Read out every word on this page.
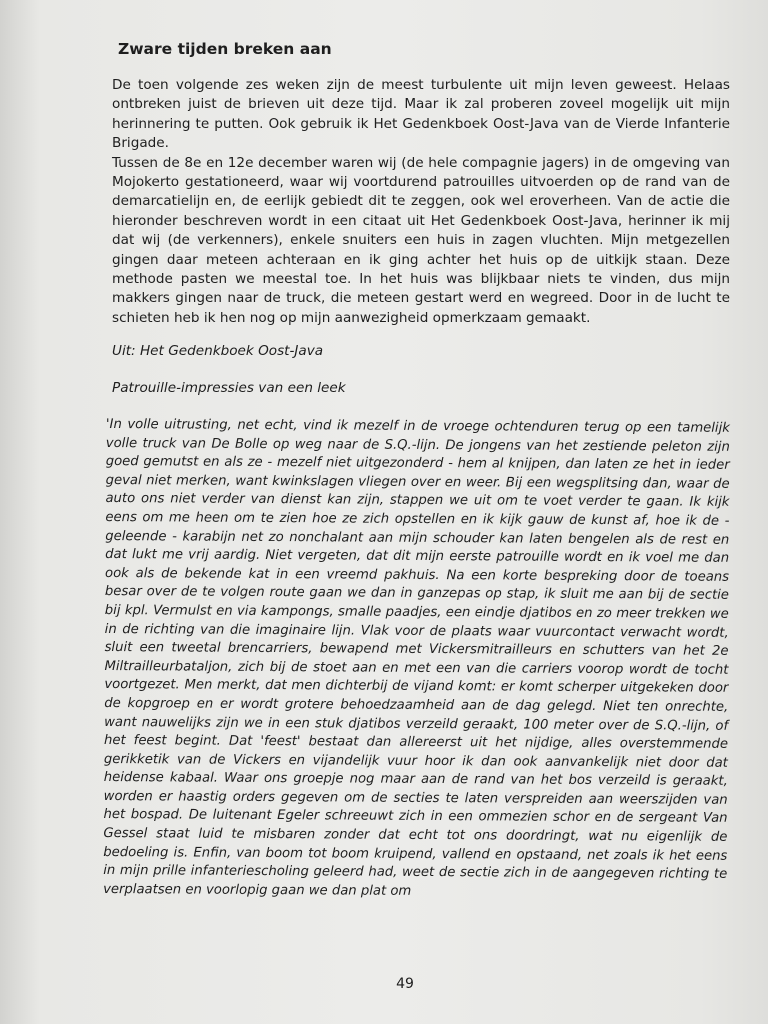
Zware tijden breken aan

De toen volgende zes weken zijn de meest turbulente uit mijn leven geweest. Helaas ontbreken juist de brieven uit deze tijd. Maar ik zal proberen zoveel mogelijk uit mijn herinnering te putten. Ook gebruik ik Het Gedenkboek Oost-Java van de Vierde Infanterie Brigade.

Tussen de 8e en 12e december waren wij (de hele compagnie jagers) in de omgeving van Mojokerto gestationeerd, waar wij voortdurend patrouilles uitvoerden op de rand van de demarcatielijn en, de eerlijk gebiedt dit te zeggen, ook wel eroverheen. Van de actie die hieronder beschreven wordt in een citaat uit Het Gedenkboek Oost-Java, herinner ik mij dat wij (de verkenners), enkele snuiters een huis in zagen vluchten. Mijn metgezellen gingen daar meteen achteraan en ik ging achter het huis op de uitkijk staan. Deze methode pasten we meestal toe. In het huis was blijkbaar niets te vinden, dus mijn makkers gingen naar de truck, die meteen gestart werd en wegreed. Door in de lucht te schieten heb ik hen nog op mijn aanwezigheid opmerkzaam gemaakt.

Uit: Het Gedenkboek Oost-Java

Patrouille-impressies van een leek

'In volle uitrusting, net echt, vind ik mezelf in de vroege ochtenduren terug op een tamelijk volle truck van De Bolle op weg naar de S.Q.-lijn. De jongens van het zestiende peleton zijn goed gemutst en als ze - mezelf niet uitgezonderd - hem al knijpen, dan laten ze het in ieder geval niet merken, want kwinkslagen vliegen over en weer. Bij een wegsplitsing dan, waar de auto ons niet verder van dienst kan zijn, stappen we uit om te voet verder te gaan. Ik kijk eens om me heen om te zien hoe ze zich opstellen en ik kijk gauw de kunst af, hoe ik de - geleende - karabijn net zo nonchalant aan mijn schouder kan laten bengelen als de rest en dat lukt me vrij aardig. Niet vergeten, dat dit mijn eerste patrouille wordt en ik voel me dan ook als de bekende kat in een vreemd pakhuis. Na een korte bespreking door de toeans besar over de te volgen route gaan we dan in ganzepas op stap, ik sluit me aan bij de sectie bij kpl. Vermulst en via kampongs, smalle paadjes, een eindje djatibos en zo meer trekken we in de richting van die imaginaire lijn. Vlak voor de plaats waar vuurcontact verwacht wordt, sluit een tweetal brencarriers, bewapend met Vickersmitrailleurs en schutters van het 2e Miltrailleurbataljon, zich bij de stoet aan en met een van die carriers voorop wordt de tocht voortgezet. Men merkt, dat men dichterbij de vijand komt: er komt scherper uitgekeken door de kopgroep en er wordt grotere behoedzaamheid aan de dag gelegd. Niet ten onrechte, want nauwelijks zijn we in een stuk djatibos verzeild geraakt, 100 meter over de S.Q.-lijn, of het feest begint. Dat 'feest' bestaat dan allereerst uit het nijdige, alles overstemmende gerikketik van de Vickers en vijandelijk vuur hoor ik dan ook aanvankelijk niet door dat heidense kabaal. Waar ons groepje nog maar aan de rand van het bos verzeild is geraakt, worden er haastig orders gegeven om de secties te laten verspreiden aan weerszijden van het bospad. De luitenant Egeler schreeuwt zich in een ommezien schor en de sergeant Van Gessel staat luid te misbaren zonder dat echt tot ons doordringt, wat nu eigenlijk de bedoeling is. Enfin, van boom tot boom kruipend, vallend en opstaand, net zoals ik het eens in mijn prille infanteriescholing geleerd had, weet de sectie zich in de aangegeven richting te verplaatsen en voorlopig gaan we dan plat om

49
